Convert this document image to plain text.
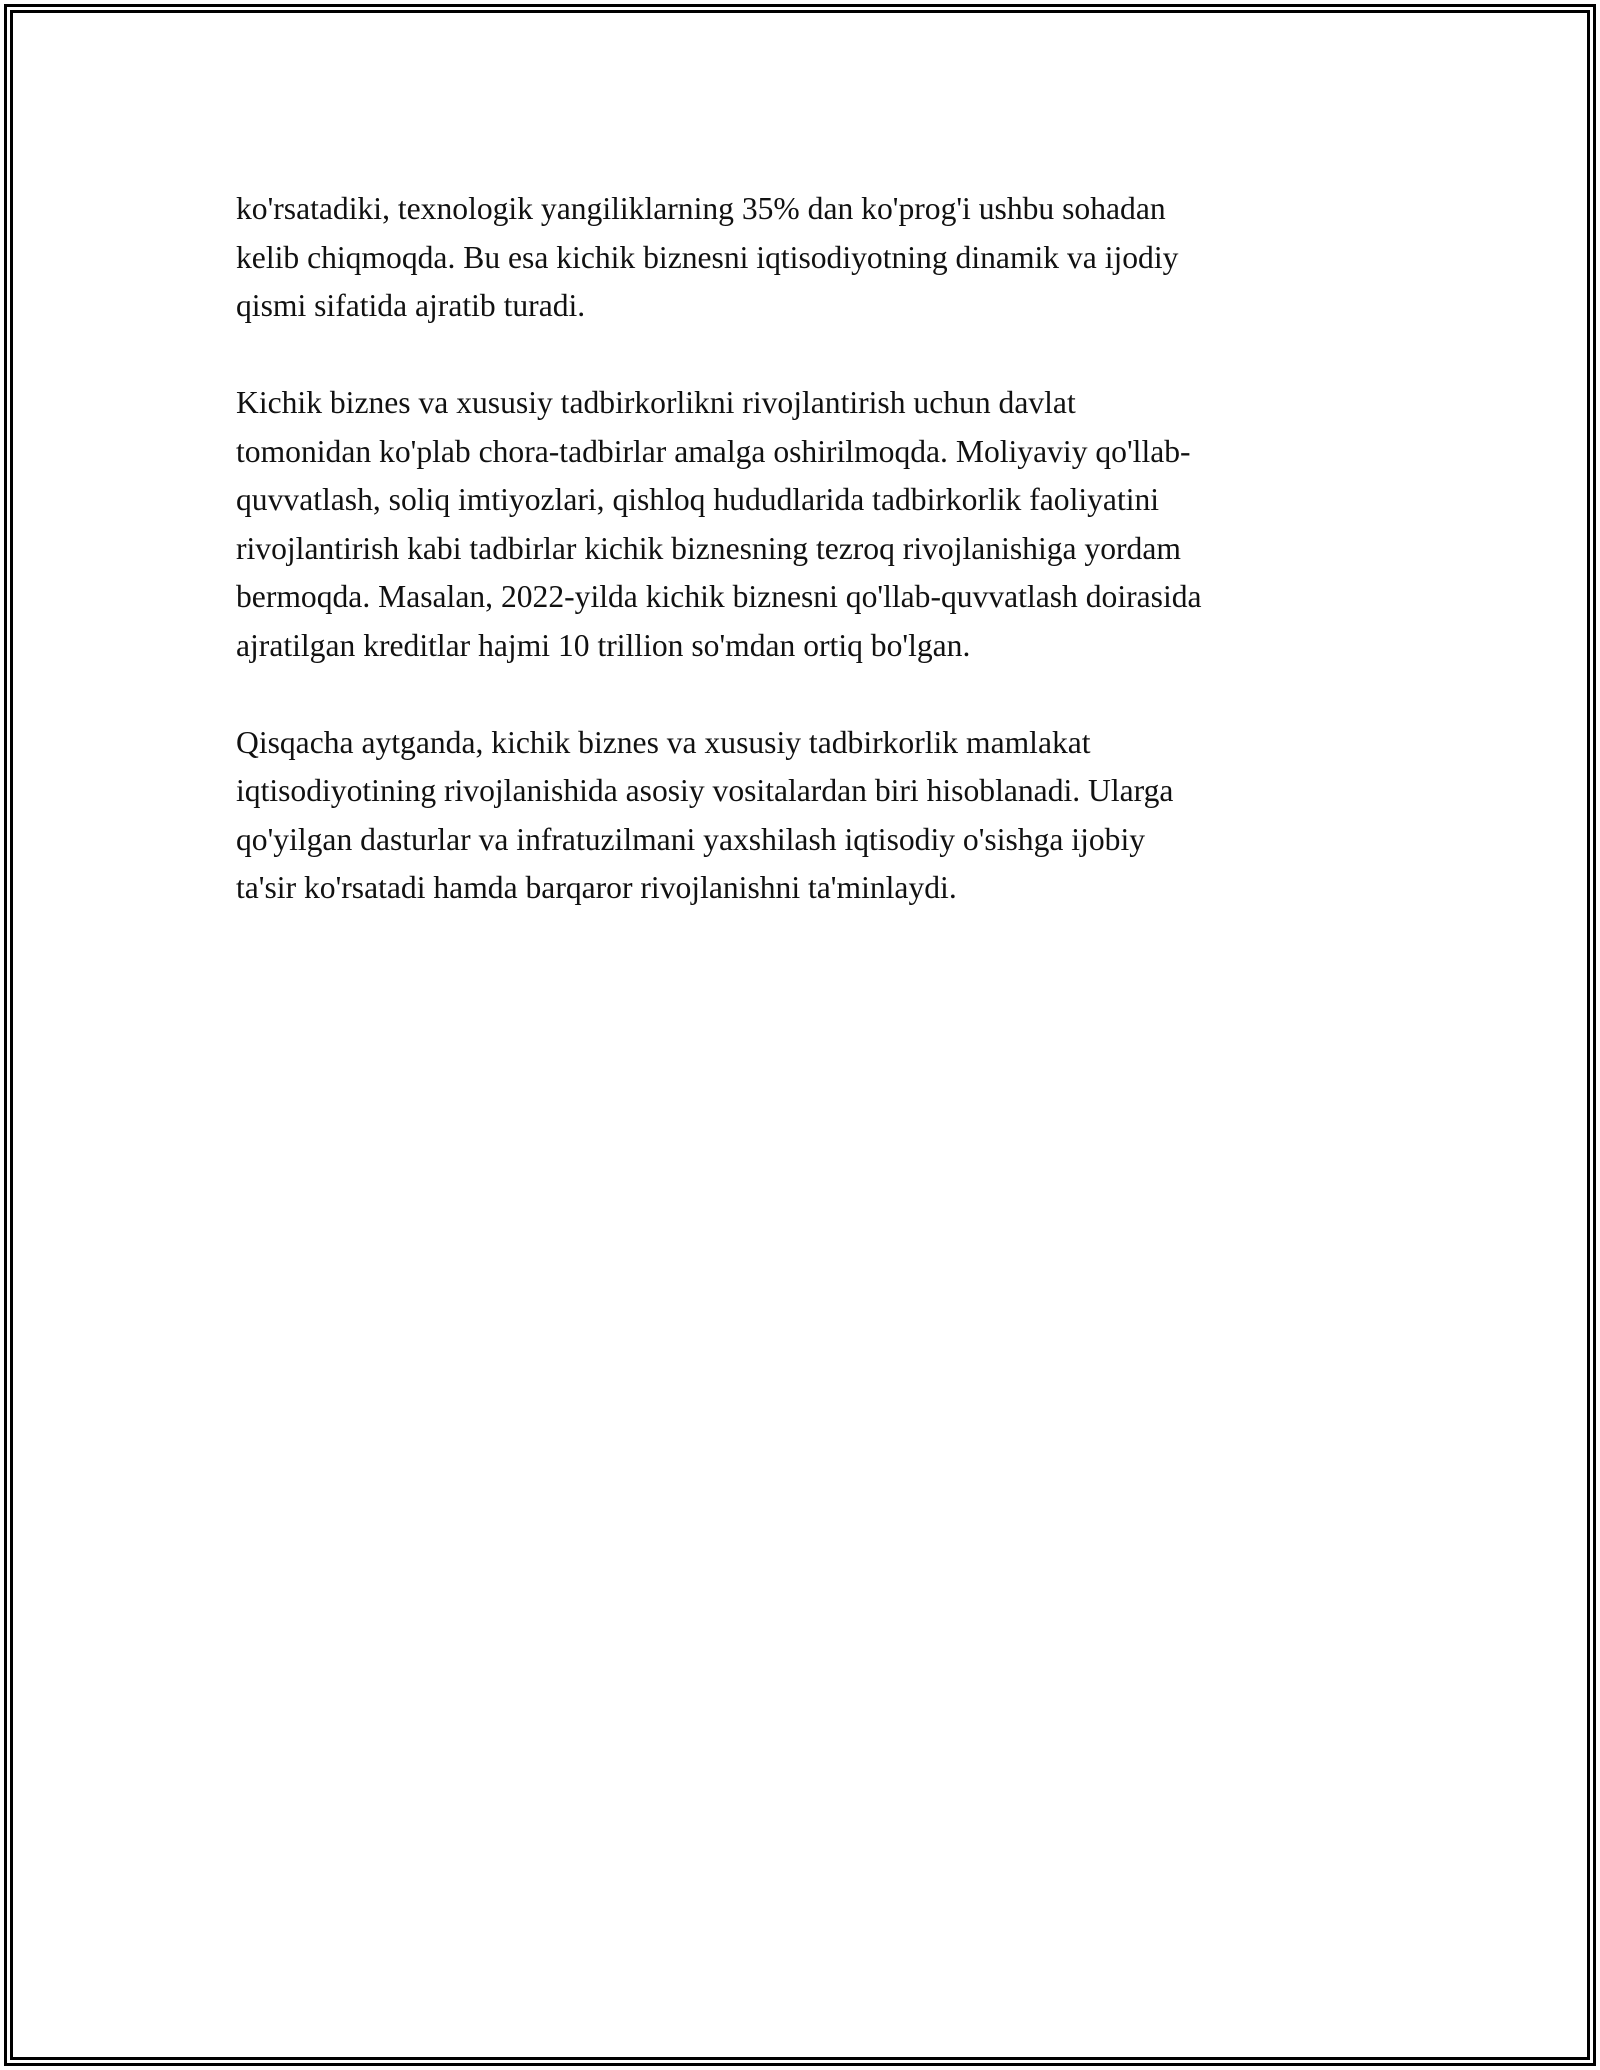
ko'rsatadiki, texnologik yangiliklarning 35% dan ko'prog'i ushbu sohadan
kelib chiqmoqda. Bu esa kichik biznesni iqtisodiyotning dinamik va ijodiy
qismi sifatida ajratib turadi.

Kichik biznes va xususiy tadbirkorlikni rivojlantirish uchun davlat
tomonidan ko'plab chora-tadbirlar amalga oshirilmoqda. Moliyaviy qo'llab-
quvvatlash, soliq imtiyozlari, qishloq hududlarida tadbirkorlik faoliyatini
rivojlantirish kabi tadbirlar kichik biznesning tezroq rivojlanishiga yordam
bermoqda. Masalan, 2022-yilda kichik biznesni qo'llab-quvvatlash doirasida
ajratilgan kreditlar hajmi 10 trillion so'mdan ortiq bo'lgan.

Qisqacha aytganda, kichik biznes va xususiy tadbirkorlik mamlakat
iqtisodiyotining rivojlanishida asosiy vositalardan biri hisoblanadi. Ularga
qo'yilgan dasturlar va infratuzilmani yaxshilash iqtisodiy o'sishga ijobiy
ta'sir ko'rsatadi hamda barqaror rivojlanishni ta'minlaydi.
